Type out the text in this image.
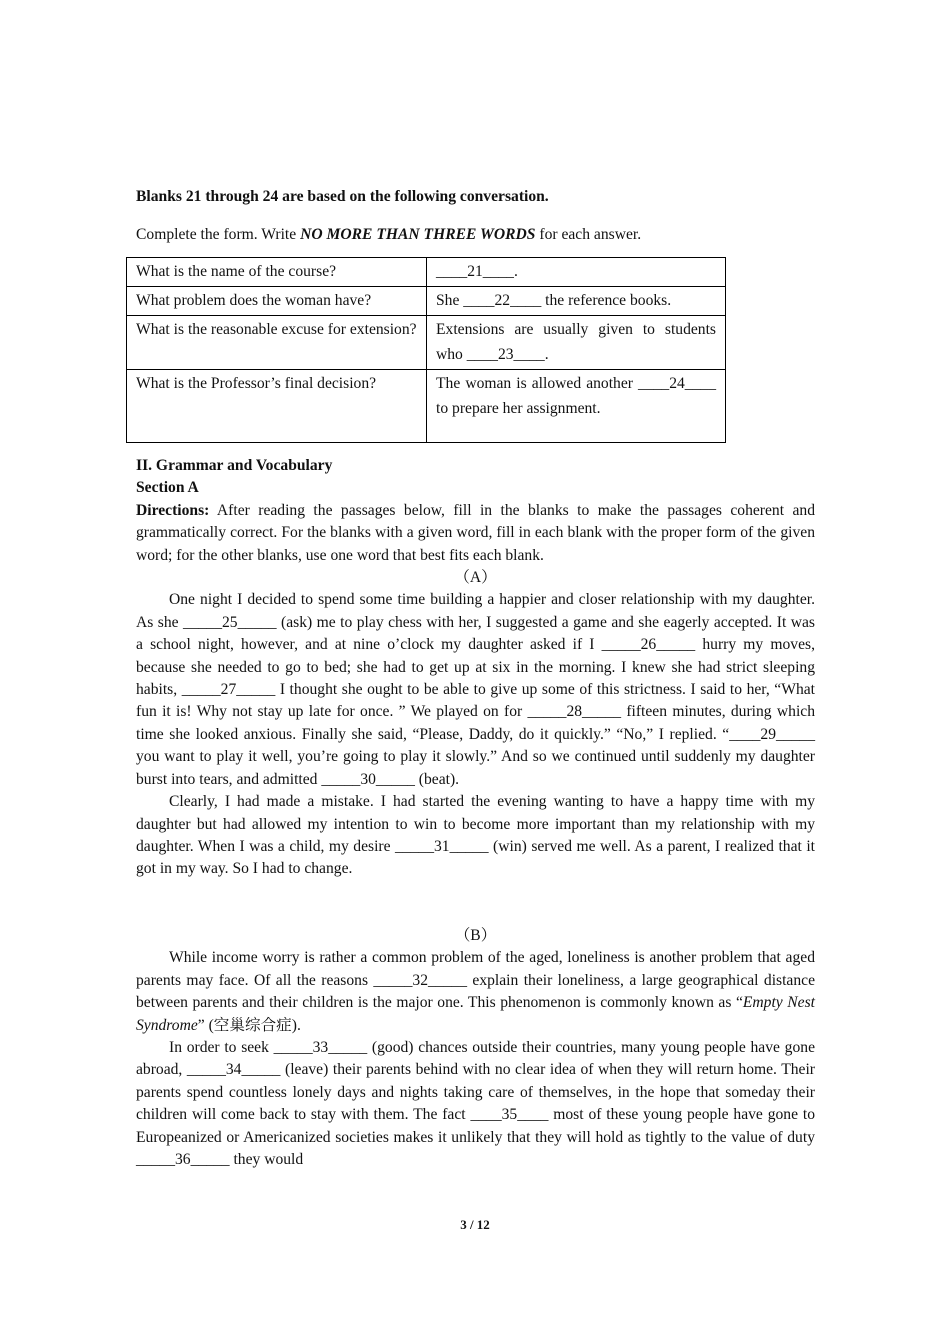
Blanks 21 through 24 are based on the following conversation.

Complete the form. Write NO MORE THAN THREE WORDS for each answer.

What is the name of the course?	____21____.
What problem does the woman have?	She ____22____ the reference books.
What is the reasonable excuse for extension?	Extensions are usually given to students who ____23____.
What is the Professor’s final decision?	The woman is allowed another ____24____ to prepare her assignment.

II. Grammar and Vocabulary

Section A

Directions: After reading the passages below, fill in the blanks to make the passages coherent and grammatically correct. For the blanks with a given word, fill in each blank with the proper form of the given word; for the other blanks, use one word that best fits each blank.

（A）

One night I decided to spend some time building a happier and closer relationship with my daughter. As she _____25_____ (ask) me to play chess with her, I suggested a game and she eagerly accepted. It was a school night, however, and at nine o’clock my daughter asked if I _____26_____ hurry my moves, because she needed to go to bed; she had to get up at six in the morning. I knew she had strict sleeping habits, _____27_____ I thought she ought to be able to give up some of this strictness. I said to her, “What fun it is! Why not stay up late for once. ” We played on for _____28_____ fifteen minutes, during which time she looked anxious. Finally she said, “Please, Daddy, do it quickly.” “No,” I replied. “____29_____ you want to play it well, you’re going to play it slowly.” And so we continued until suddenly my daughter burst into tears, and admitted _____30_____ (beat).

Clearly, I had made a mistake. I had started the evening wanting to have a happy time with my daughter but had allowed my intention to win to become more important than my relationship with my daughter. When I was a child, my desire _____31_____ (win) served me well. As a parent, I realized that it got in my way. So I had to change.

（B）

While income worry is rather a common problem of the aged, loneliness is another problem that aged parents may face. Of all the reasons _____32_____ explain their loneliness, a large geographical distance between parents and their children is the major one. This phenomenon is commonly known as “Empty Nest Syndrome” (空巢综合症).

In order to seek _____33_____ (good) chances outside their countries, many young people have gone abroad, _____34_____ (leave) their parents behind with no clear idea of when they will return home. Their parents spend countless lonely days and nights taking care of themselves, in the hope that someday their children will come back to stay with them. The fact ____35____ most of these young people have gone to Europeanized or Americanized societies makes it unlikely that they will hold as tightly to the value of duty _____36_____ they would

3 / 12
